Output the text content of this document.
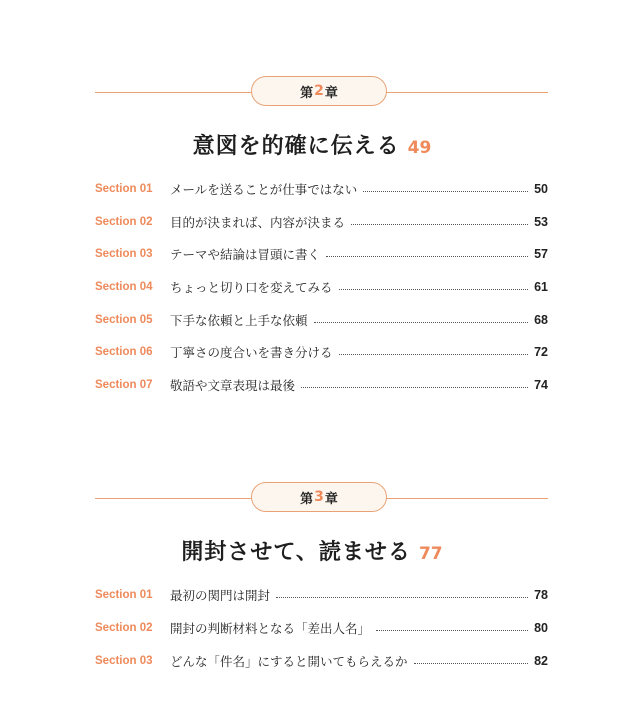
第 2 章
意図を的確に伝える 49
Section 01	メールを送ることが仕事ではない	50
Section 02	目的が決まれば、内容が決まる	53
Section 03	テーマや結論は冒頭に書く	57
Section 04	ちょっと切り口を変えてみる	61
Section 05	下手な依頼と上手な依頼	68
Section 06	丁寧さの度合いを書き分ける	72
Section 07	敬語や文章表現は最後	74
第 3 章
開封させて、読ませる 77
Section 01	最初の関門は開封	78
Section 02	開封の判断材料となる「差出人名」	80
Section 03	どんな「件名」にすると開いてもらえるか	82
